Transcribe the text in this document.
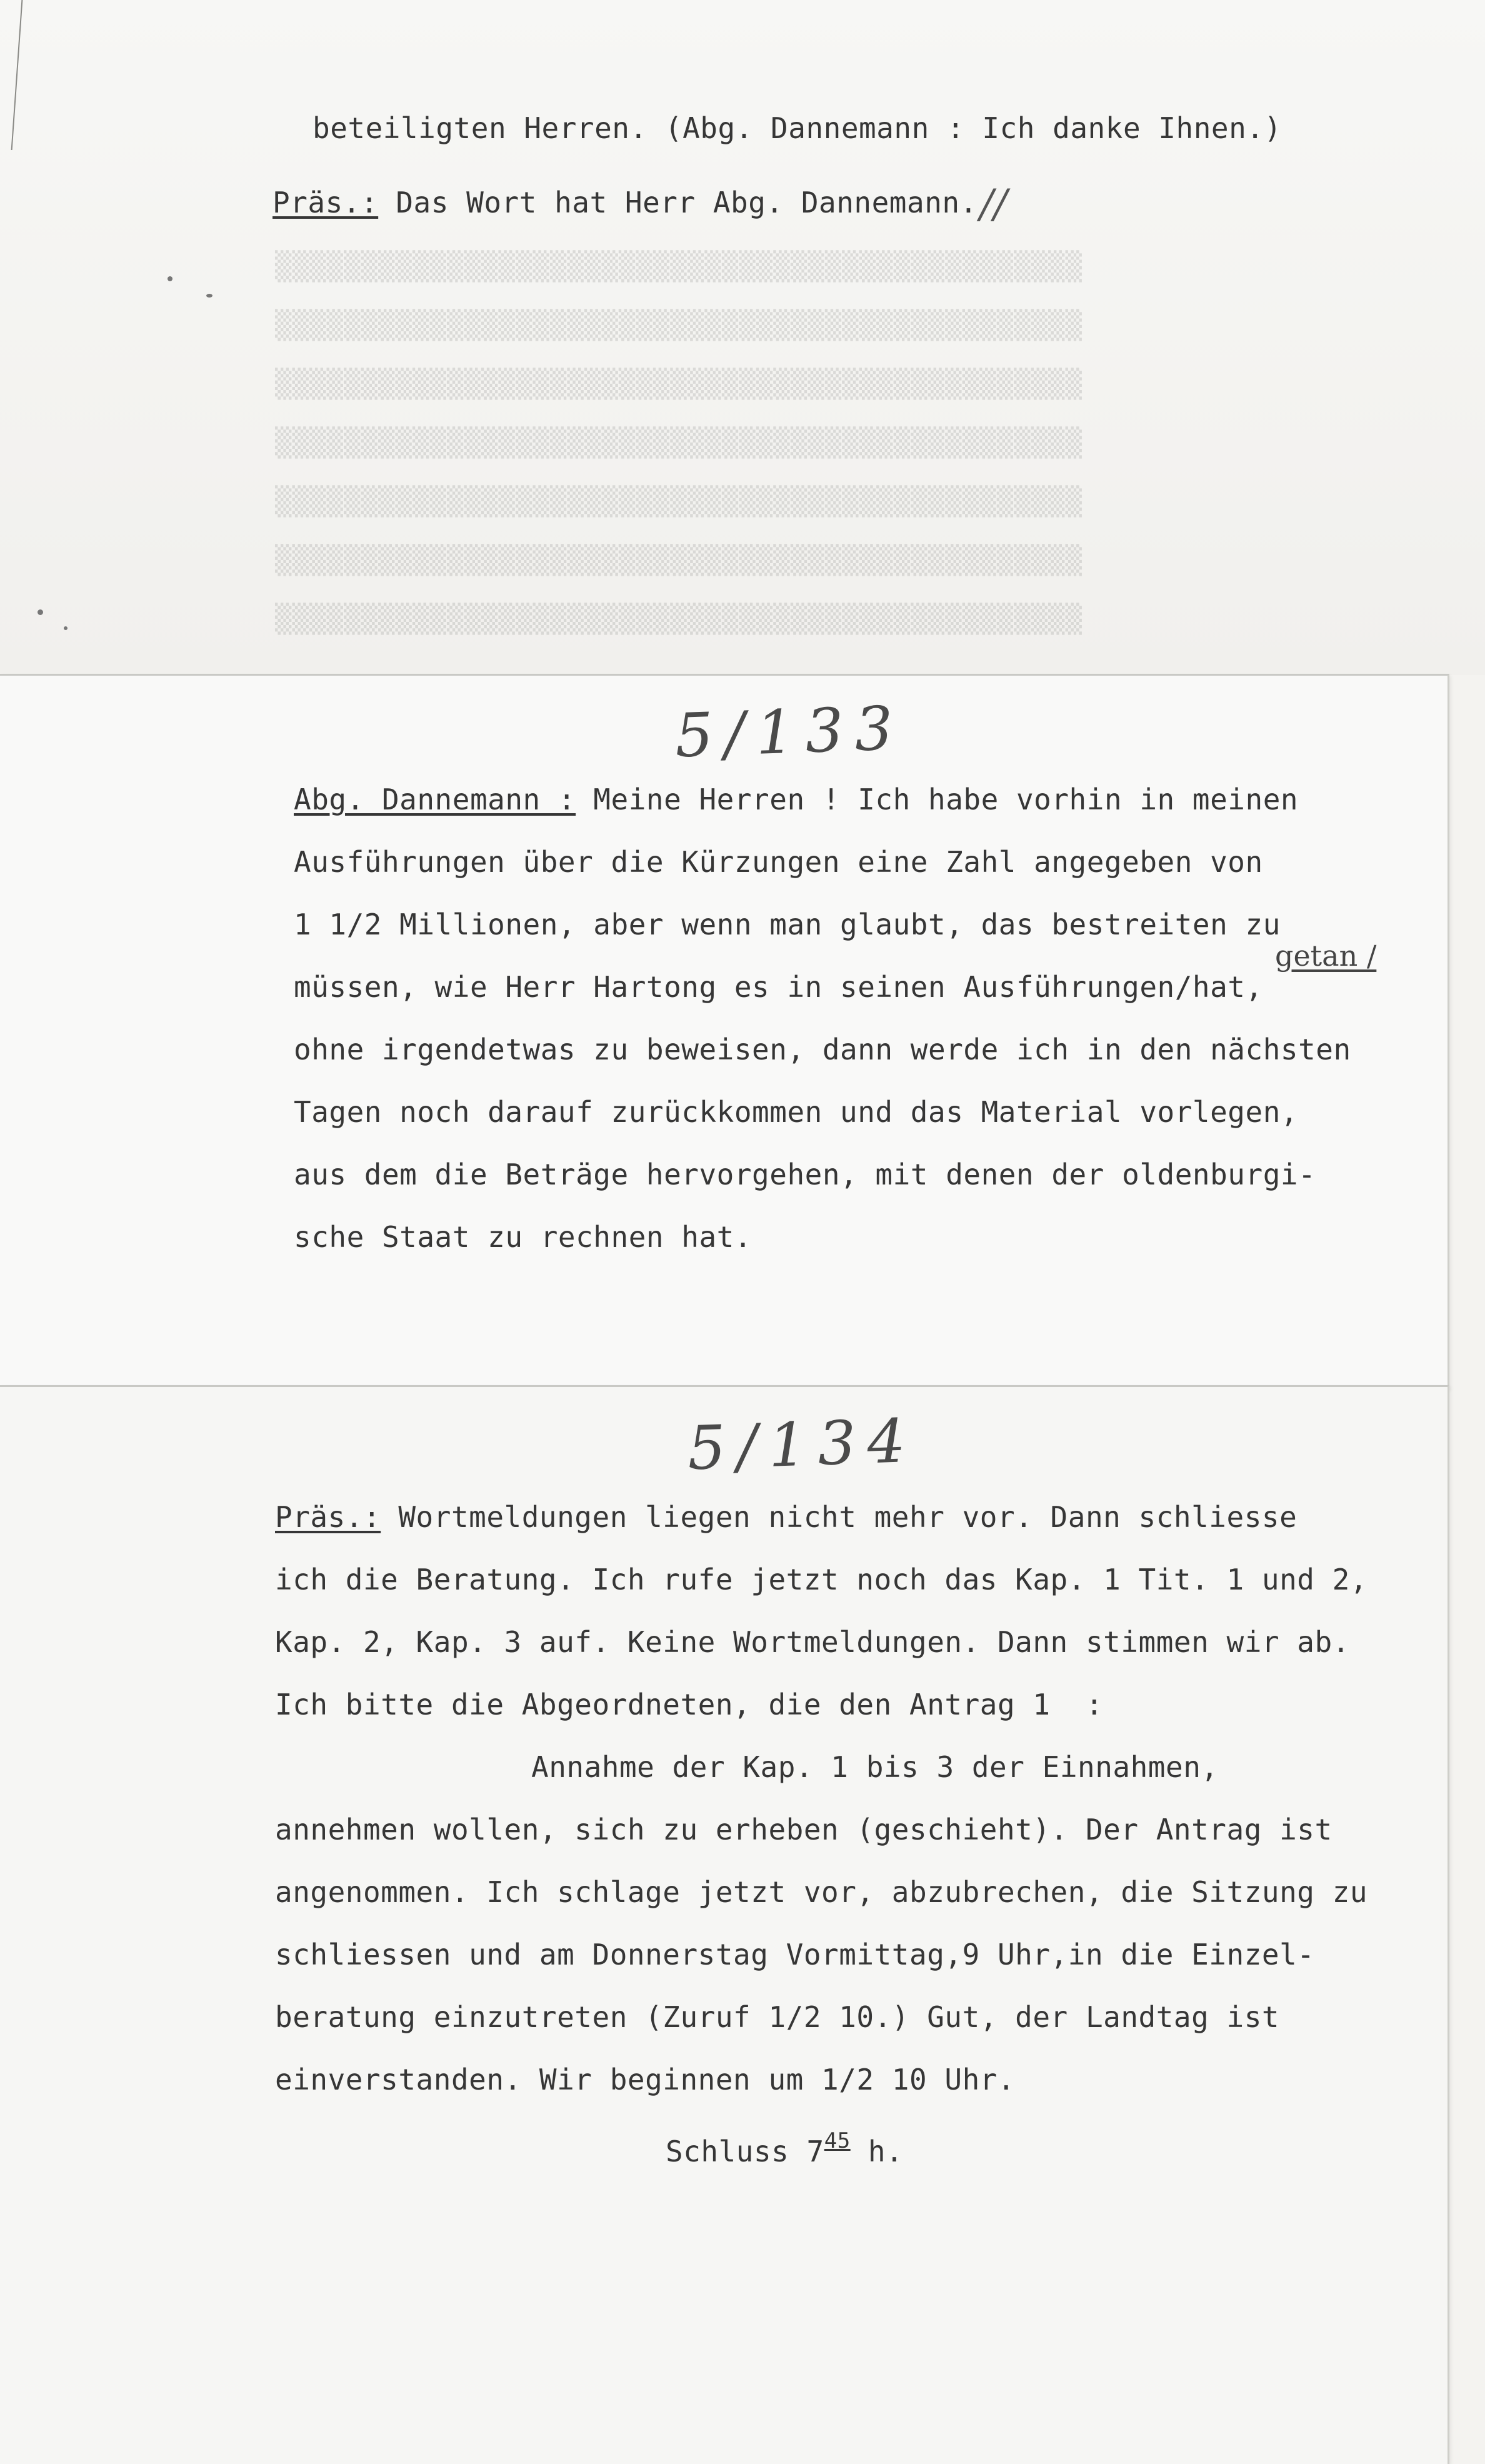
▒▒▒▒▒▒▒▒▒▒▒▒▒▒▒▒▒▒▒▒▒▒▒▒▒▒▒▒▒▒▒▒▒▒▒▒▒▒▒▒▒▒▒▒▒▒▒
▒▒▒▒▒▒▒▒▒▒▒▒▒▒▒▒▒▒▒▒▒▒▒▒▒▒▒▒▒▒▒▒▒▒▒▒▒▒▒▒▒▒▒▒▒▒▒
▒▒▒▒▒▒▒▒▒▒▒▒▒▒▒▒▒▒▒▒▒▒▒▒▒▒▒▒▒▒▒▒▒▒▒▒▒▒▒▒▒▒▒▒▒▒▒
▒▒▒▒▒▒▒▒▒▒▒▒▒▒▒▒▒▒▒▒▒▒▒▒▒▒▒▒▒▒▒▒▒▒▒▒▒▒▒▒▒▒▒▒▒▒▒
▒▒▒▒▒▒▒▒▒▒▒▒▒▒▒▒▒▒▒▒▒▒▒▒▒▒▒▒▒▒▒▒▒▒▒▒▒▒▒▒▒▒▒▒▒▒▒
▒▒▒▒▒▒▒▒▒▒▒▒▒▒▒▒▒▒▒▒▒▒▒▒▒▒▒▒▒▒▒▒▒▒▒▒▒▒▒▒▒▒▒▒▒▒▒
▒▒▒▒▒▒▒▒▒▒▒▒▒▒▒▒▒▒▒▒▒▒▒▒▒▒▒▒▒▒▒▒▒▒▒▒▒▒▒▒▒▒▒▒▒▒▒
beteiligten Herren. (Abg. Dannemann : Ich danke Ihnen.)
Präs.: Das Wort hat Herr Abg. Dannemann.//
5/133
Abg. Dannemann : Meine Herren ! Ich habe vorhin in meinen
Ausführungen über die Kürzungen eine Zahl angegeben von
1 1/2 Millionen, aber wenn man glaubt, das bestreiten zu
getan /
müssen, wie Herr Hartong es in seinen Ausführungen/hat,
ohne irgendetwas zu beweisen, dann werde ich in den nächsten
Tagen noch darauf zurückkommen und das Material vorlegen,
aus dem die Beträge hervorgehen, mit denen der oldenburgi-
sche Staat zu rechnen hat.
5/134
Präs.: Wortmeldungen liegen nicht mehr vor. Dann schliesse
ich die Beratung. Ich rufe jetzt noch das Kap. 1 Tit. 1 und 2,
Kap. 2, Kap. 3 auf. Keine Wortmeldungen. Dann stimmen wir ab.
Ich bitte die Abgeordneten, die den Antrag 1  :
Annahme der Kap. 1 bis 3 der Einnahmen,
annehmen wollen, sich zu erheben (geschieht). Der Antrag ist
angenommen. Ich schlage jetzt vor, abzubrechen, die Sitzung zu
schliessen und am Donnerstag Vormittag,9 Uhr,in die Einzel-
beratung einzutreten (Zuruf 1/2 10.) Gut, der Landtag ist
einverstanden. Wir beginnen um 1/2 10 Uhr.
Schluss $7^{45}$ h.
